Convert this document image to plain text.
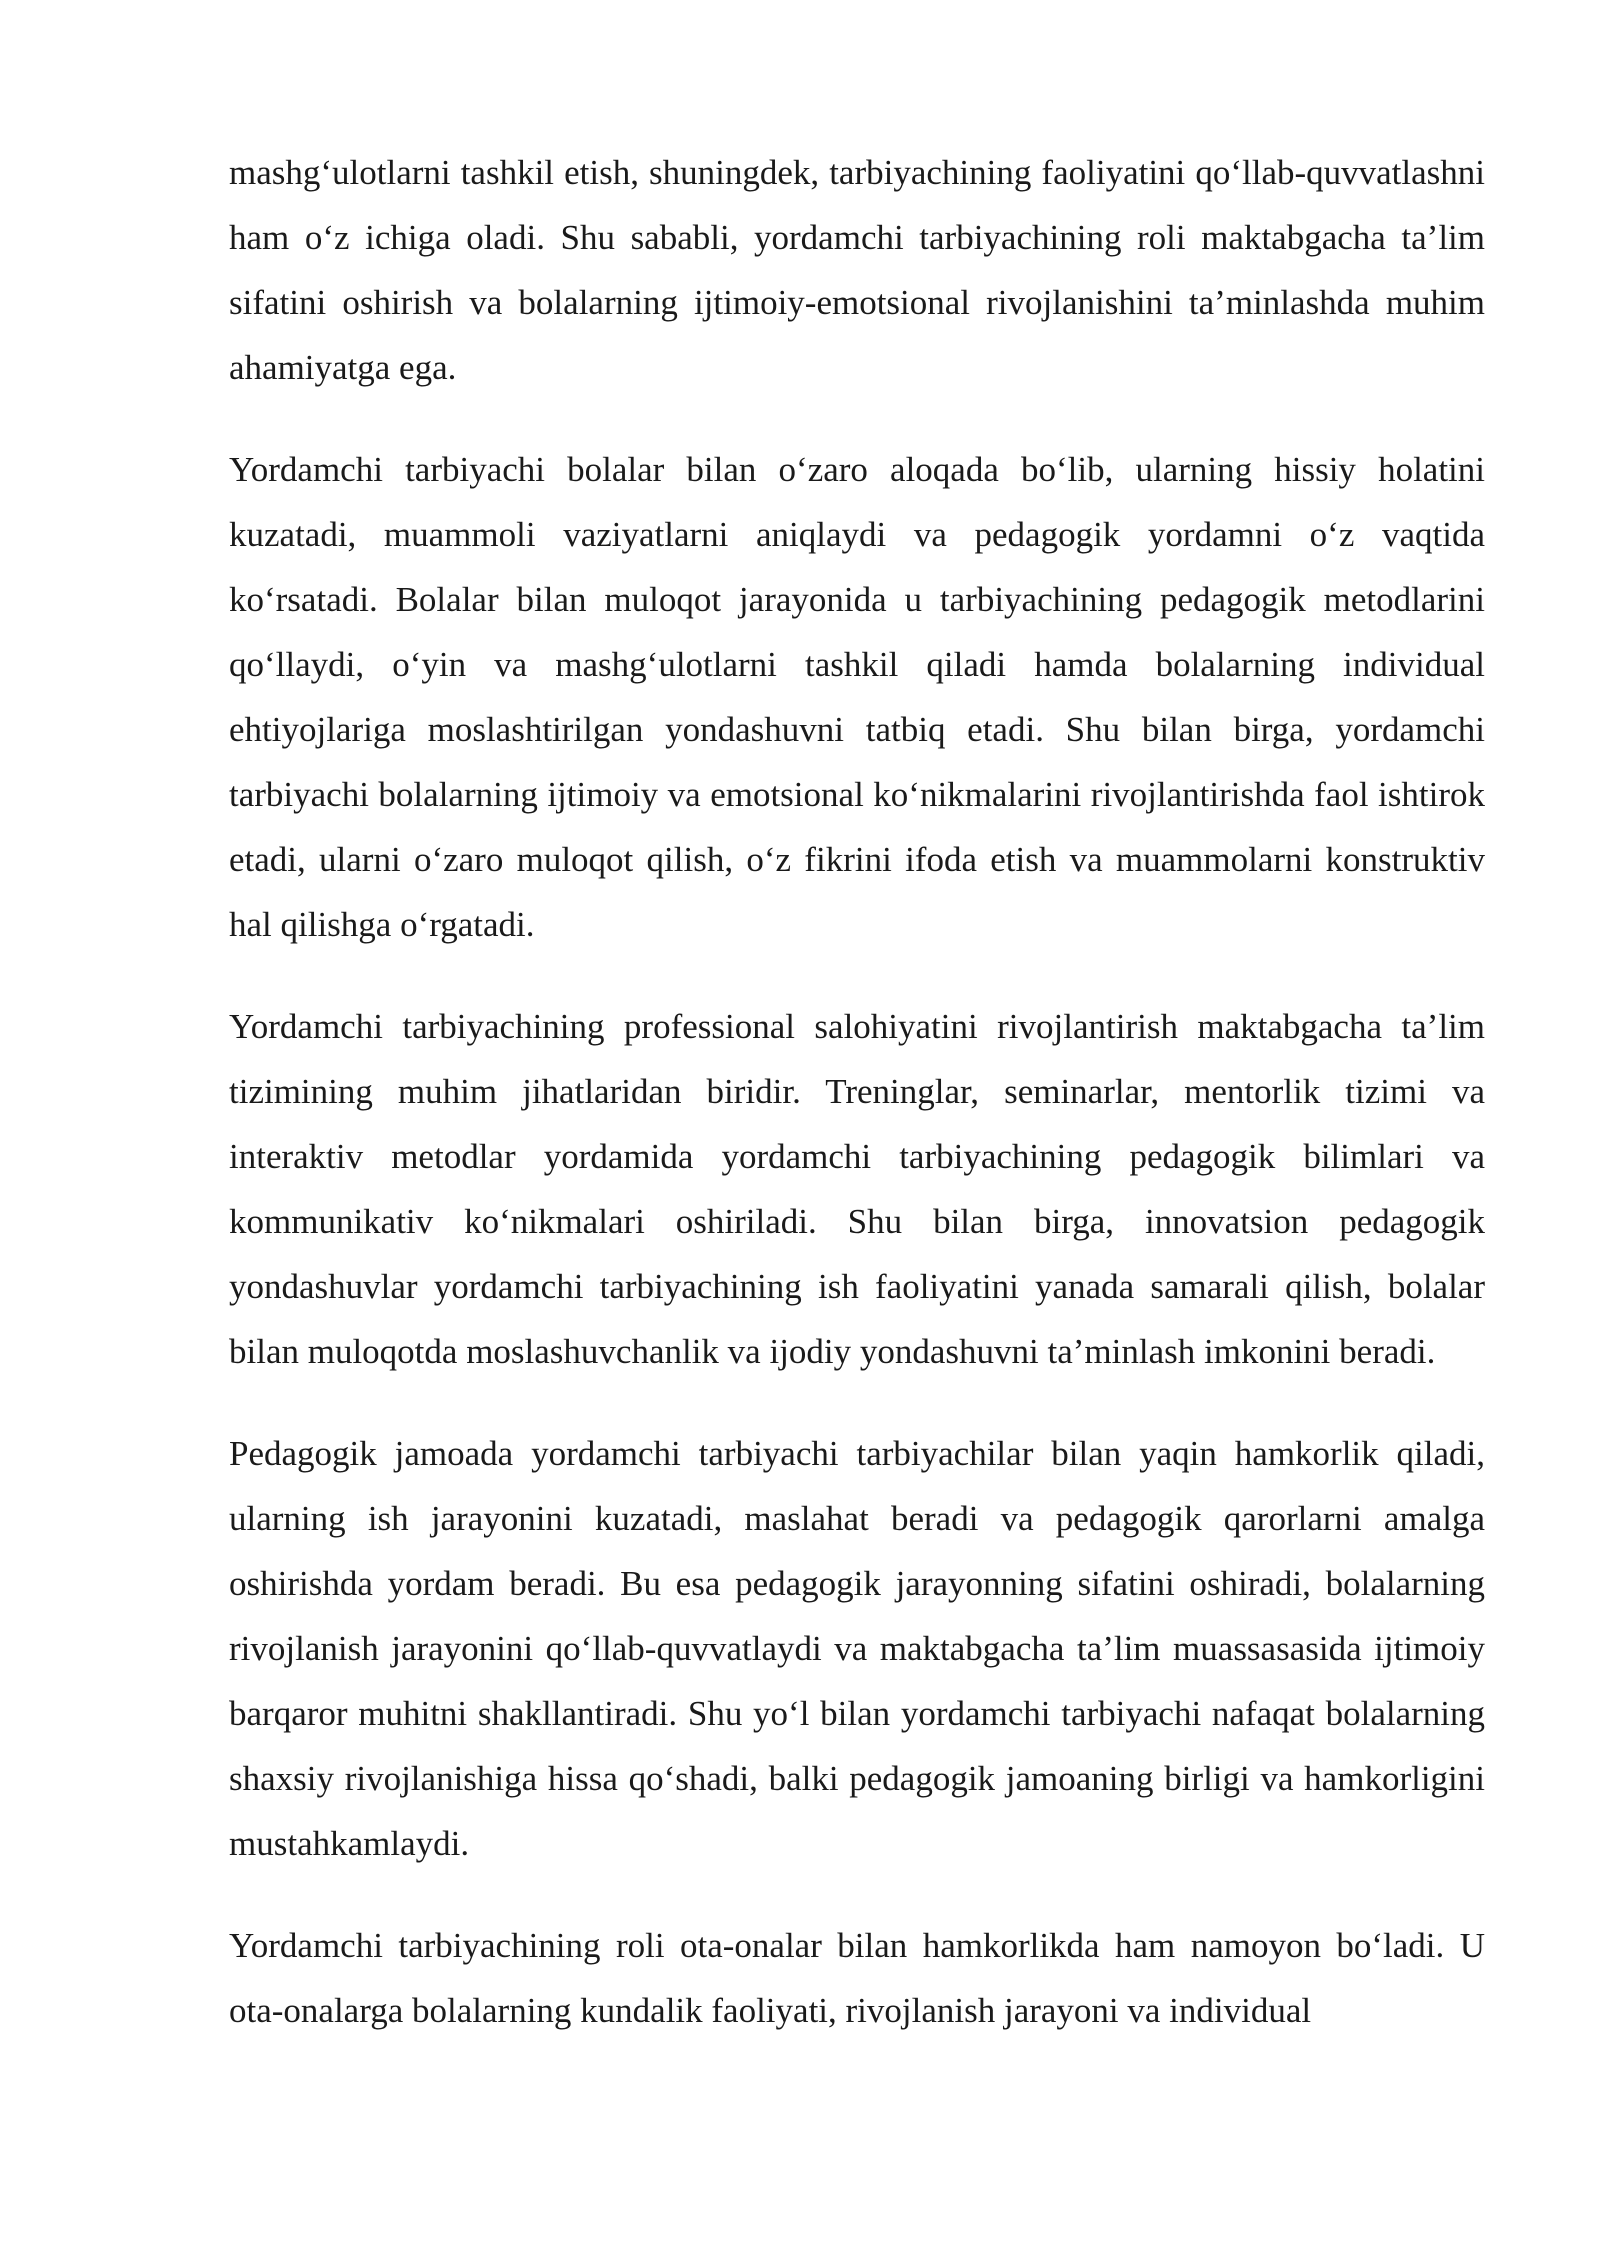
mashg‘ulotlarni tashkil etish, shuningdek, tarbiyachining faoliyatini qo‘llab-quvvatlashni ham o‘z ichiga oladi. Shu sababli, yordamchi tarbiyachining roli maktabgacha ta’lim sifatini oshirish va bolalarning ijtimoiy-emotsional rivojlanishini ta’minlashda muhim ahamiyatga ega.

Yordamchi tarbiyachi bolalar bilan o‘zaro aloqada bo‘lib, ularning hissiy holatini kuzatadi, muammoli vaziyatlarni aniqlaydi va pedagogik yordamni o‘z vaqtida ko‘rsatadi. Bolalar bilan muloqot jarayonida u tarbiyachining pedagogik metodlarini qo‘llaydi, o‘yin va mashg‘ulotlarni tashkil qiladi hamda bolalarning individual ehtiyojlariga moslashtirilgan yondashuvni tatbiq etadi. Shu bilan birga, yordamchi tarbiyachi bolalarning ijtimoiy va emotsional ko‘nikmalarini rivojlantirishda faol ishtirok etadi, ularni o‘zaro muloqot qilish, o‘z fikrini ifoda etish va muammolarni konstruktiv hal qilishga o‘rgatadi.

Yordamchi tarbiyachining professional salohiyatini rivojlantirish maktabgacha ta’lim tizimining muhim jihatlaridan biridir. Treninglar, seminarlar, mentorlik tizimi va interaktiv metodlar yordamida yordamchi tarbiyachining pedagogik bilimlari va kommunikativ ko‘nikmalari oshiriladi. Shu bilan birga, innovatsion pedagogik yondashuvlar yordamchi tarbiyachining ish faoliyatini yanada samarali qilish, bolalar bilan muloqotda moslashuvchanlik va ijodiy yondashuvni ta’minlash imkonini beradi.

Pedagogik jamoada yordamchi tarbiyachi tarbiyachilar bilan yaqin hamkorlik qiladi, ularning ish jarayonini kuzatadi, maslahat beradi va pedagogik qarorlarni amalga oshirishda yordam beradi. Bu esa pedagogik jarayonning sifatini oshiradi, bolalarning rivojlanish jarayonini qo‘llab-quvvatlaydi va maktabgacha ta’lim muassasasida ijtimoiy barqaror muhitni shakllantiradi. Shu yo‘l bilan yordamchi tarbiyachi nafaqat bolalarning shaxsiy rivojlanishiga hissa qo‘shadi, balki pedagogik jamoaning birligi va hamkorligini mustahkamlaydi.

Yordamchi tarbiyachining roli ota-onalar bilan hamkorlikda ham namoyon bo‘ladi. U ota-onalarga bolalarning kundalik faoliyati, rivojlanish jarayoni va individual
